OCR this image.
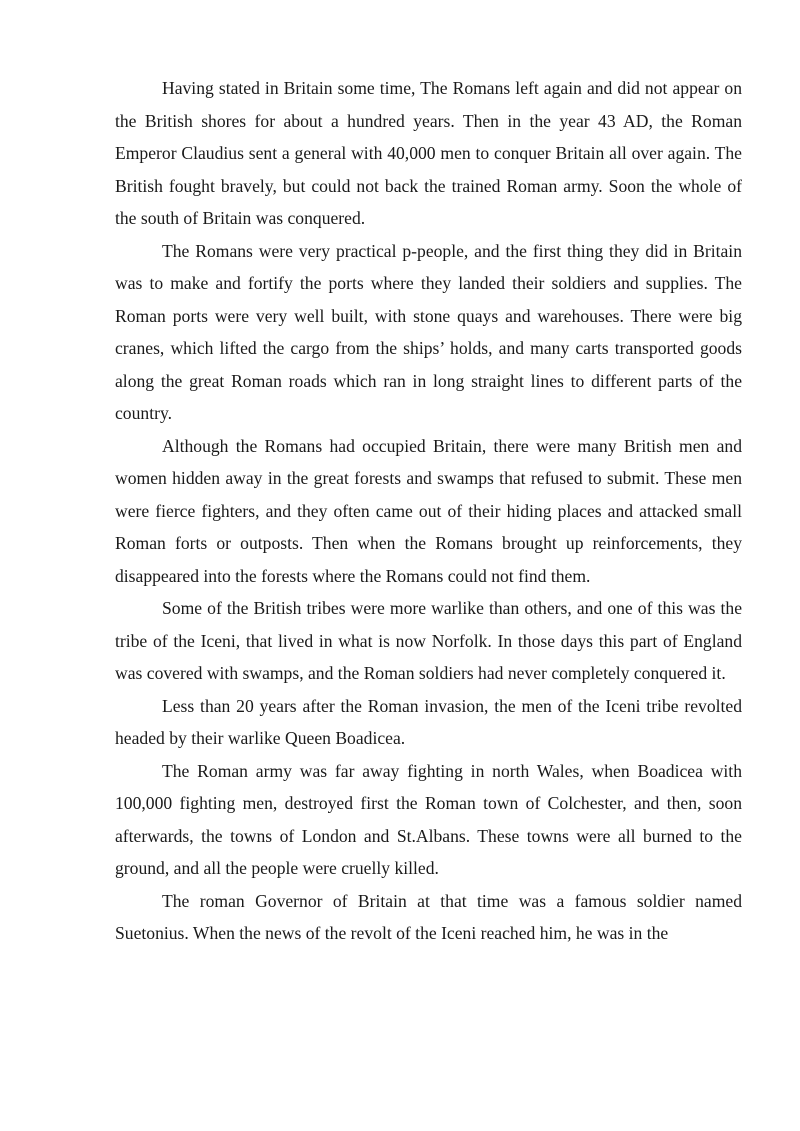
Having stated in Britain some time, The Romans left again and did not appear on the British shores for about a hundred years. Then in the year 43 AD, the Roman Emperor Claudius sent a general with 40,000 men to conquer Britain all over again. The British fought bravely, but could not back the trained Roman army. Soon the whole of the south of Britain was conquered.

The Romans were very practical p-people, and the first thing they did in Britain was to make and fortify the ports where they landed their soldiers and supplies. The Roman ports were very well built, with stone quays and warehouses. There were big cranes, which lifted the cargo from the ships’ holds, and many carts transported goods along the great Roman roads which ran in long straight lines to different parts of the country.

Although the Romans had occupied Britain, there were many British men and women hidden away in the great forests and swamps that refused to submit. These men were fierce fighters, and they often came out of their hiding places and attacked small Roman forts or outposts. Then when the Romans brought up reinforcements, they disappeared into the forests where the Romans could not find them.

Some of the British tribes were more warlike than others, and one of this was the tribe of the Iceni, that lived in what is now Norfolk. In those days this part of England was covered with swamps, and the Roman soldiers had never completely conquered it.

Less than 20 years after the Roman invasion, the men of the Iceni tribe revolted headed by their warlike Queen Boadicea.

The Roman army was far away fighting in north Wales, when Boadicea with 100,000 fighting men, destroyed first the Roman town of Colchester, and then, soon afterwards, the towns of London and St.Albans. These towns were all burned to the ground, and all the people were cruelly killed.

The roman Governor of Britain at that time was a famous soldier named Suetonius. When the news of the revolt of the Iceni reached him, he was in the
